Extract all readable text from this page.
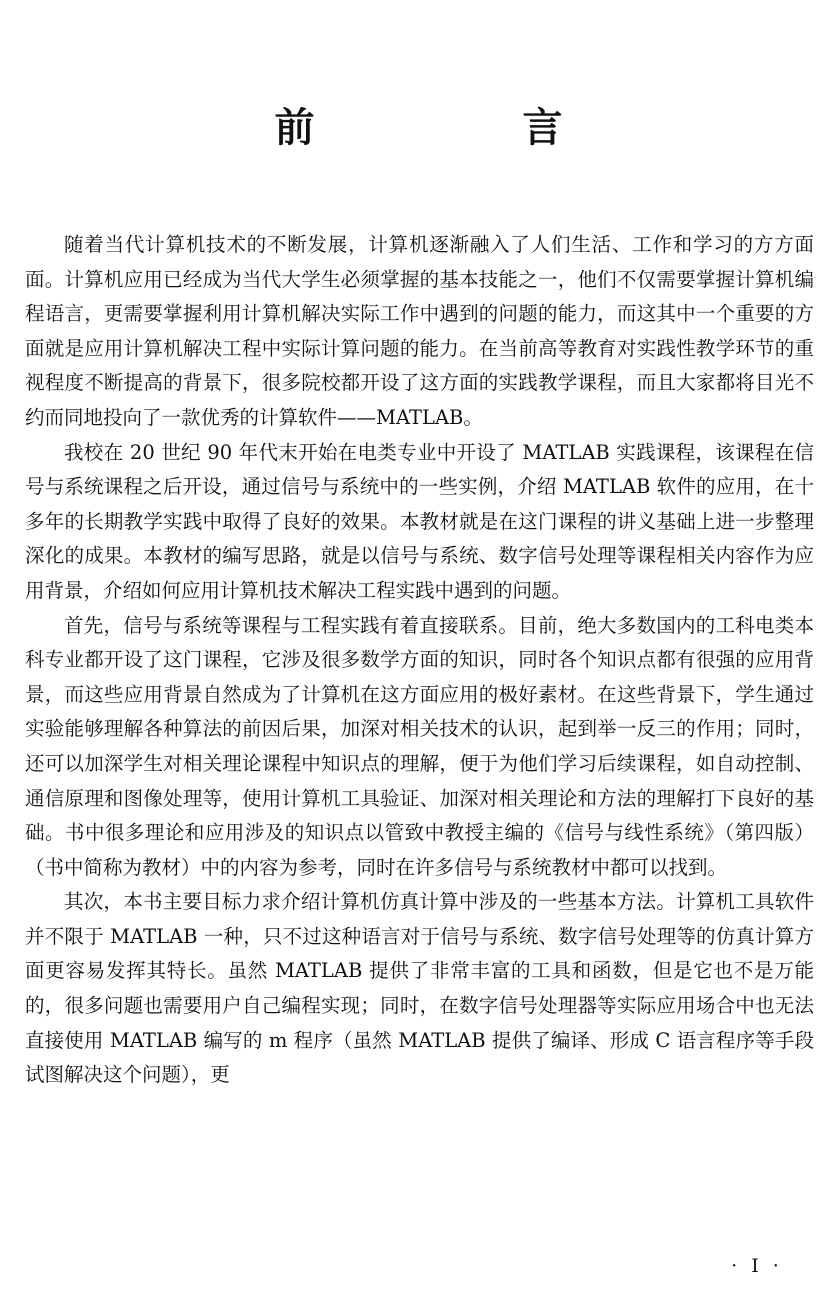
前　言

随着当代计算机技术的不断发展，计算机逐渐融入了人们生活、工作和学习的方方面面。计算机应用已经成为当代大学生必须掌握的基本技能之一，他们不仅需要掌握计算机编程语言，更需要掌握利用计算机解决实际工作中遇到的问题的能力，而这其中一个重要的方面就是应用计算机解决工程中实际计算问题的能力。在当前高等教育对实践性教学环节的重视程度不断提高的背景下，很多院校都开设了这方面的实践教学课程，而且大家都将目光不约而同地投向了一款优秀的计算软件——MATLAB。

我校在 20 世纪 90 年代末开始在电类专业中开设了 MATLAB 实践课程，该课程在信号与系统课程之后开设，通过信号与系统中的一些实例，介绍 MATLAB 软件的应用，在十多年的长期教学实践中取得了良好的效果。本教材就是在这门课程的讲义基础上进一步整理深化的成果。本教材的编写思路，就是以信号与系统、数字信号处理等课程相关内容作为应用背景，介绍如何应用计算机技术解决工程实践中遇到的问题。

首先，信号与系统等课程与工程实践有着直接联系。目前，绝大多数国内的工科电类本科专业都开设了这门课程，它涉及很多数学方面的知识，同时各个知识点都有很强的应用背景，而这些应用背景自然成为了计算机在这方面应用的极好素材。在这些背景下，学生通过实验能够理解各种算法的前因后果，加深对相关技术的认识，起到举一反三的作用；同时，还可以加深学生对相关理论课程中知识点的理解，便于为他们学习后续课程，如自动控制、通信原理和图像处理等，使用计算机工具验证、加深对相关理论和方法的理解打下良好的基础。书中很多理论和应用涉及的知识点以管致中教授主编的《信号与线性系统》（第四版）（书中简称为教材）中的内容为参考，同时在许多信号与系统教材中都可以找到。

其次，本书主要目标力求介绍计算机仿真计算中涉及的一些基本方法。计算机工具软件并不限于 MATLAB 一种，只不过这种语言对于信号与系统、数字信号处理等的仿真计算方面更容易发挥其特长。虽然 MATLAB 提供了非常丰富的工具和函数，但是它也不是万能的，很多问题也需要用户自己编程实现；同时，在数字信号处理器等实际应用场合中也无法直接使用 MATLAB 编写的 m 程序（虽然 MATLAB 提供了编译、形成 C 语言程序等手段试图解决这个问题），更

· I ·
